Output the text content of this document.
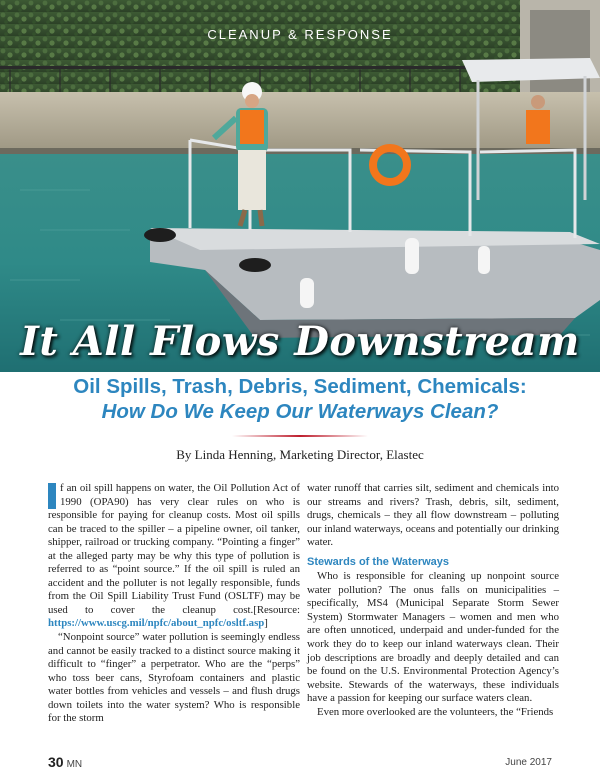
CLEANUP & RESPONSE
It All Flows Downstream
Oil Spills, Trash, Debris, Sediment, Chemicals:
How Do We Keep Our Waterways Clean?
By Linda Henning, Marketing Director, Elastec

f an oil spill happens on water, the Oil Pollution Act of 1990 (OPA90) has very clear rules on who is responsible for paying for cleanup costs. Most oil spills can be traced to the spiller – a pipeline owner, oil tanker, shipper, railroad or trucking company. “Pointing a finger” at the alleged party may be why this type of pollution is referred to as “point source.” If the oil spill is ruled an accident and the polluter is not legally responsible, funds from the Oil Spill Liability Trust Fund (OSLTF) may be used to cover the cleanup cost.[Resource: https://www.uscg.mil/npfc/about_npfc/osltf.asp]

“Nonpoint source” water pollution is seemingly endless and cannot be easily tracked to a distinct source making it difficult to “finger” a perpetrator. Who are the “perps” who toss beer cans, Styrofoam containers and plastic water bottles from vehicles and vessels – and flush drugs down toilets into the water system? Who is responsible for the storm

water runoff that carries silt, sediment and chemicals into our streams and rivers? Trash, debris, silt, sediment, drugs, chemicals – they all flow downstream – polluting our inland waterways, oceans and potentially our drinking water.

Stewards of the Waterways

Who is responsible for cleaning up nonpoint source water pollution? The onus falls on municipalities – specifically, MS4 (Municipal Separate Storm Sewer System) Stormwater Managers – women and men who are often unnoticed, underpaid and under-funded for the work they do to keep our inland waterways clean. Their job descriptions are broadly and deeply detailed and can be found on the U.S. Environmental Protection Agency’s website. Stewards of the waterways, these individuals have a passion for keeping our surface waters clean.

Even more overlooked are the volunteers, the “Friends

30 MN	June 2017
